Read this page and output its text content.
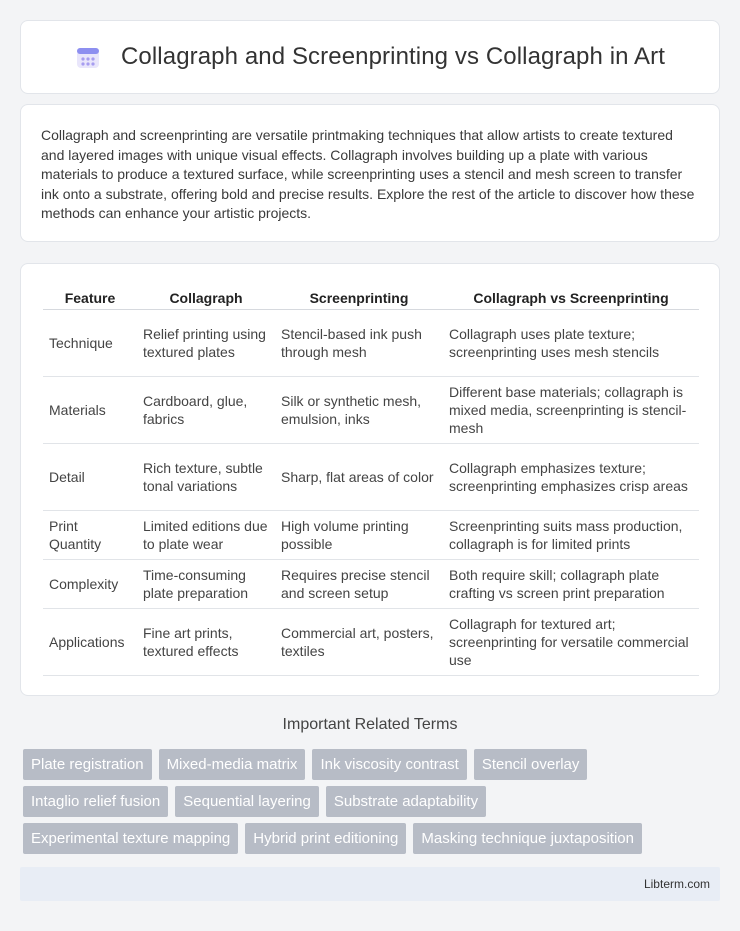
Collagraph and Screenprinting vs Collagraph in Art

Collagraph and screenprinting are versatile printmaking techniques that allow artists to create textured and layered images with unique visual effects. Collagraph involves building up a plate with various materials to produce a textured surface, while screenprinting uses a stencil and mesh screen to transfer ink onto a substrate, offering bold and precise results. Explore the rest of the article to discover how these methods can enhance your artistic projects.

Feature	Collagraph	Screenprinting	Collagraph vs Screenprinting
Technique	Relief printing using textured plates	Stencil-based ink push through mesh	Collagraph uses plate texture; screenprinting uses mesh stencils
Materials	Cardboard, glue, fabrics	Silk or synthetic mesh, emulsion, inks	Different base materials; collagraph is mixed media, screenprinting is stencil-mesh
Detail	Rich texture, subtle tonal variations	Sharp, flat areas of color	Collagraph emphasizes texture; screenprinting emphasizes crisp areas
Print Quantity	Limited editions due to plate wear	High volume printing possible	Screenprinting suits mass production, collagraph is for limited prints
Complexity	Time-consuming plate preparation	Requires precise stencil and screen setup	Both require skill; collagraph plate crafting vs screen print preparation
Applications	Fine art prints, textured effects	Commercial art, posters, textiles	Collagraph for textured art; screenprinting for versatile commercial use
Important Related Terms
Plate registration	Mixed-media matrix	Ink viscosity contrast	Stencil overlay
Intaglio relief fusion	Sequential layering	Substrate adaptability
Experimental texture mapping	Hybrid print editioning	Masking technique juxtaposition
Libterm.com
